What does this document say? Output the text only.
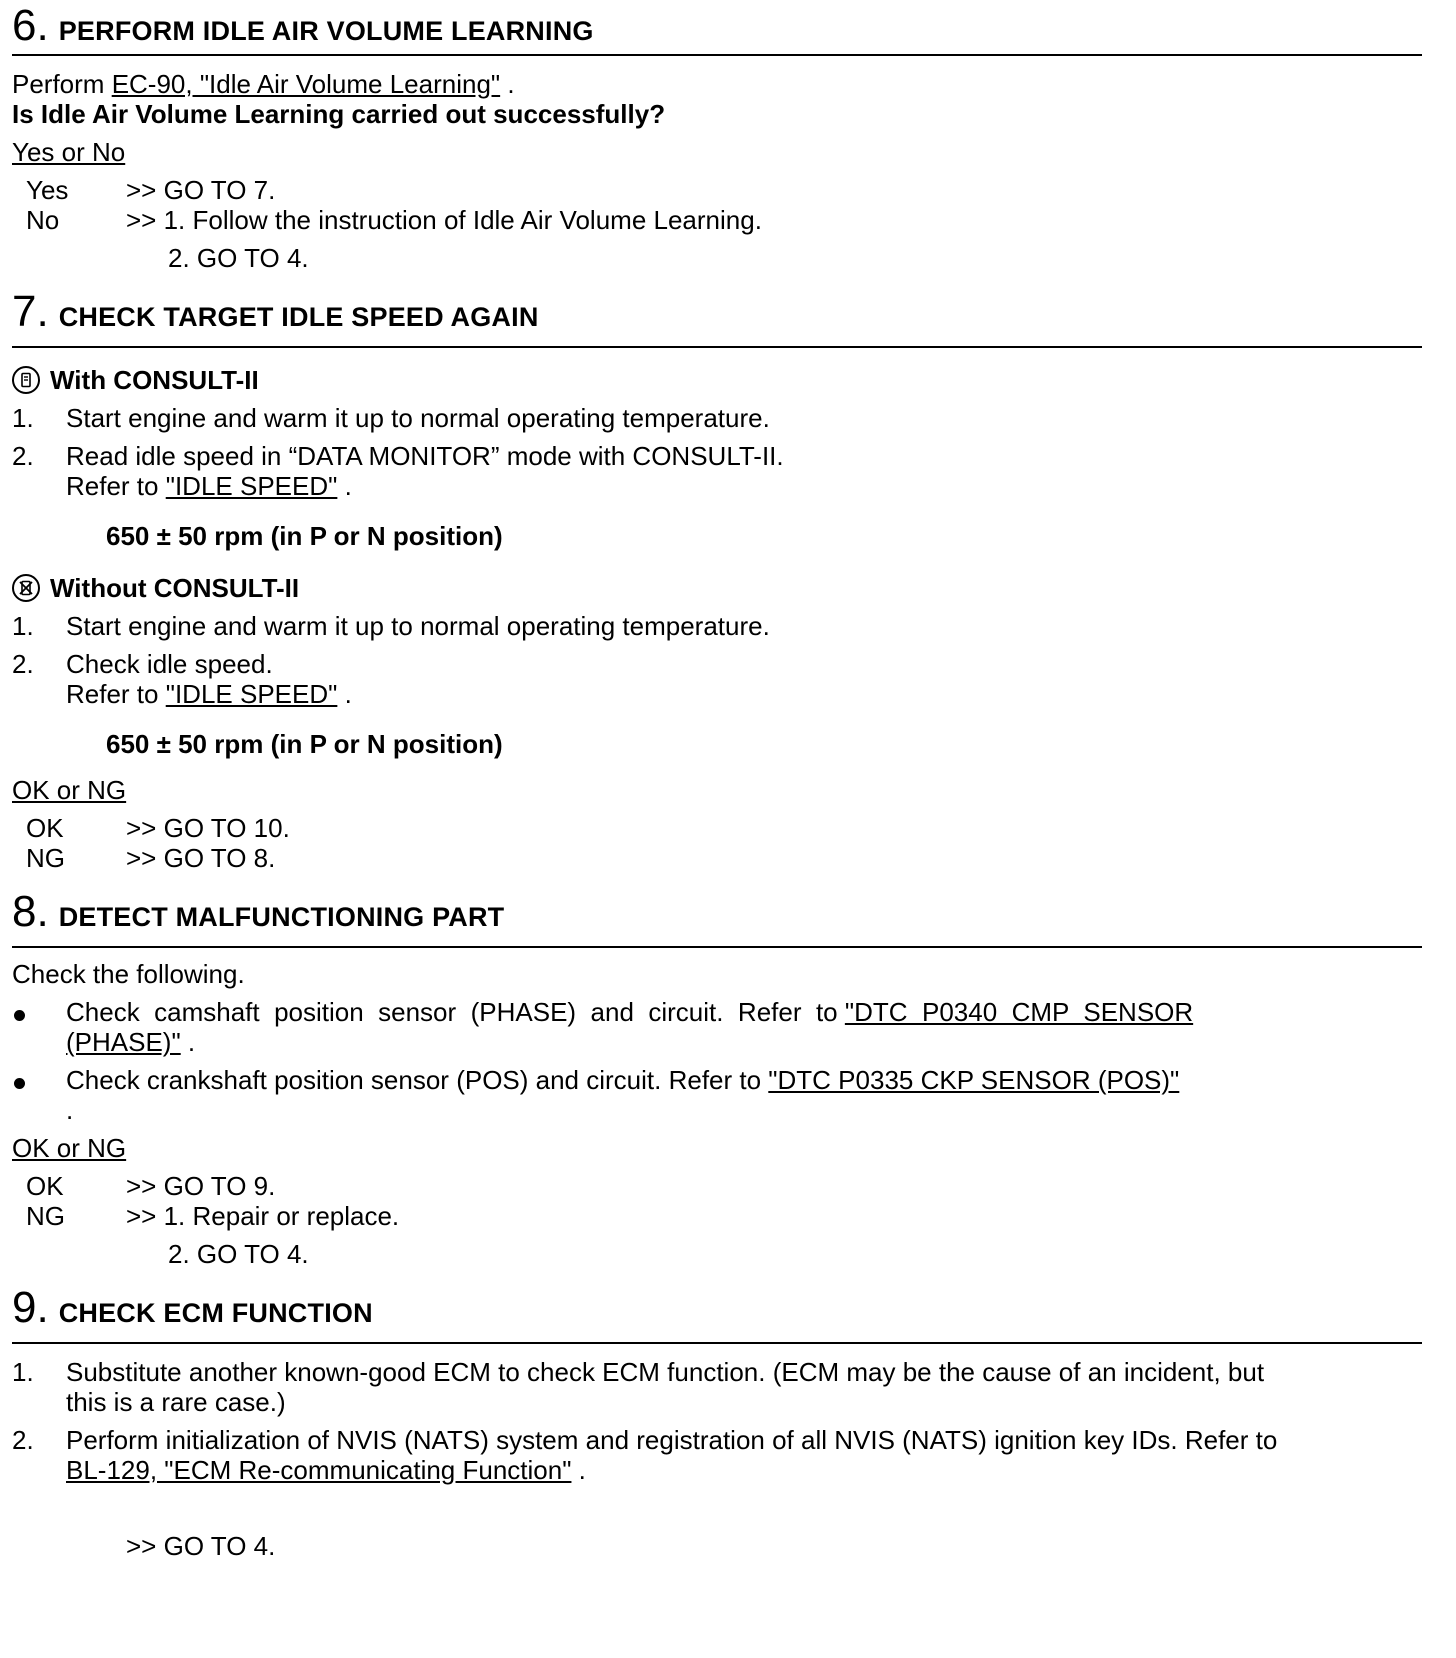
6. PERFORM IDLE AIR VOLUME LEARNING
Perform EC-90, "Idle Air Volume Learning" .
Is Idle Air Volume Learning carried out successfully?
Yes or No
Yes >> GO TO 7.
No	>> 1. Follow the instruction of Idle Air Volume Learning.
2. GO TO 4.
7. CHECK TARGET IDLE SPEED AGAIN
With CONSULT-II
1. Start engine and warm it up to normal operating temperature.
2. Read idle speed in “DATA MONITOR” mode with CONSULT-II.
Refer to "IDLE SPEED" .
650 ± 50 rpm (in P or N position)
Without CONSULT-II
1. Start engine and warm it up to normal operating temperature.
2. Check idle speed.
Refer to "IDLE SPEED" .
650 ± 50 rpm (in P or N position)
OK or NG
OK >> GO TO 10.
NG >> GO TO 8.
8. DETECT MALFUNCTIONING PART
Check the following.
Check  camshaft  position  sensor  (PHASE)  and  circuit.  Refer  to "DTC  P0340  CMP  SENSOR
(PHASE)" .
Check crankshaft position sensor (POS) and circuit. Refer to "DTC P0335 CKP SENSOR (POS)"
.
OK or NG
OK >> GO TO 9.
NG >> 1. Repair or replace.
2. GO TO 4.
9. CHECK ECM FUNCTION
1. Substitute another known-good ECM to check ECM function. (ECM may be the cause of an incident, but
this is a rare case.)
2. Perform initialization of NVIS (NATS) system and registration of all NVIS (NATS) ignition key IDs. Refer to
BL-129, "ECM Re-communicating Function" .
>> GO TO 4.
